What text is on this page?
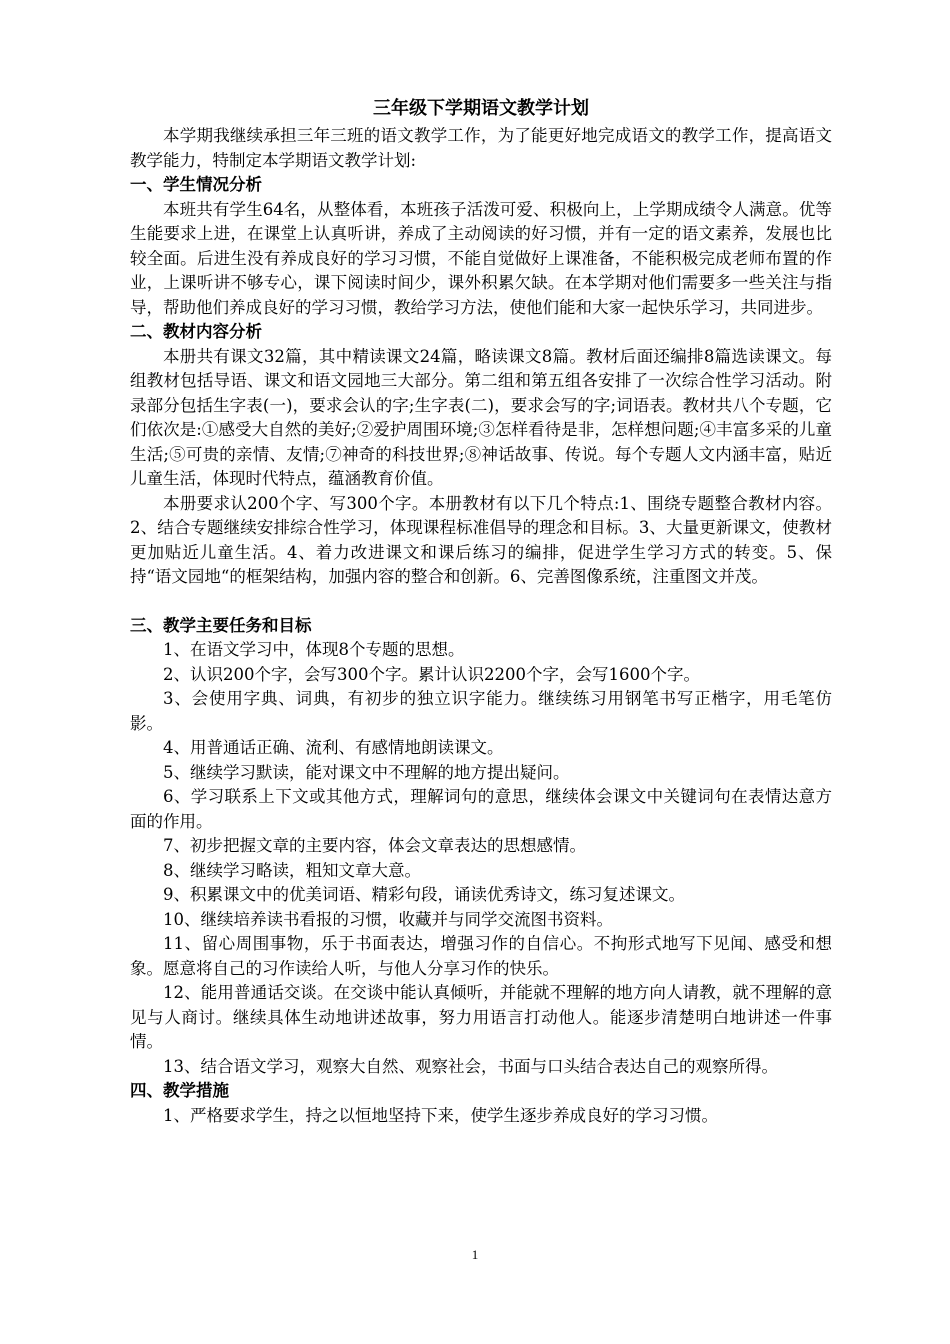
三年级下学期语文教学计划

本学期我继续承担三年三班的语文教学工作，为了能更好地完成语文的教学工作，提高语文教学能力，特制定本学期语文教学计划:

一、学生情况分析

本班共有学生64名，从整体看，本班孩子活泼可爱、积极向上，上学期成绩令人满意。优等生能要求上进，在课堂上认真听讲，养成了主动阅读的好习惯，并有一定的语文素养，发展也比较全面。后进生没有养成良好的学习习惯，不能自觉做好上课准备，不能积极完成老师布置的作业，上课听讲不够专心，课下阅读时间少，课外积累欠缺。在本学期对他们需要多一些关注与指导，帮助他们养成良好的学习习惯，教给学习方法，使他们能和大家一起快乐学习，共同进步。

二、教材内容分析

本册共有课文32篇，其中精读课文24篇，略读课文8篇。教材后面还编排8篇选读课文。每组教材包括导语、课文和语文园地三大部分。第二组和第五组各安排了一次综合性学习活动。附录部分包括生字表(一)，要求会认的字;生字表(二)，要求会写的字;词语表。教材共八个专题，它们依次是:①感受大自然的美好;②爱护周围环境;③怎样看待是非，怎样想问题;④丰富多采的儿童生活;⑤可贵的亲情、友情;⑦神奇的科技世界;⑧神话故事、传说。每个专题人文内涵丰富，贴近儿童生活，体现时代特点，蕴涵教育价值。

本册要求认200个字、写300个字。本册教材有以下几个特点:1、围绕专题整合教材内容。2、结合专题继续安排综合性学习，体现课程标准倡导的理念和目标。3、大量更新课文，使教材更加贴近儿童生活。4、着力改进课文和课后练习的编排，促进学生学习方式的转变。5、保持“语文园地“的框架结构，加强内容的整合和创新。6、完善图像系统，注重图文并茂。

三、教学主要任务和目标

1、在语文学习中，体现8个专题的思想。

2、认识200个字，会写300个字。累计认识2200个字，会写1600个字。

3、会使用字典、词典，有初步的独立识字能力。继续练习用钢笔书写正楷字，用毛笔仿影。

4、用普通话正确、流利、有感情地朗读课文。

5、继续学习默读，能对课文中不理解的地方提出疑问。

6、学习联系上下文或其他方式，理解词句的意思，继续体会课文中关键词句在表情达意方面的作用。

7、初步把握文章的主要内容，体会文章表达的思想感情。

8、继续学习略读，粗知文章大意。

9、积累课文中的优美词语、精彩句段，诵读优秀诗文，练习复述课文。

10、继续培养读书看报的习惯，收藏并与同学交流图书资料。

11、留心周围事物，乐于书面表达，增强习作的自信心。不拘形式地写下见闻、感受和想象。愿意将自己的习作读给人听，与他人分享习作的快乐。

12、能用普通话交谈。在交谈中能认真倾听，并能就不理解的地方向人请教，就不理解的意见与人商讨。继续具体生动地讲述故事，努力用语言打动他人。能逐步清楚明白地讲述一件事情。

13、结合语文学习，观察大自然、观察社会，书面与口头结合表达自己的观察所得。

四、教学措施

1、严格要求学生，持之以恒地坚持下来，使学生逐步养成良好的学习习惯。

1
